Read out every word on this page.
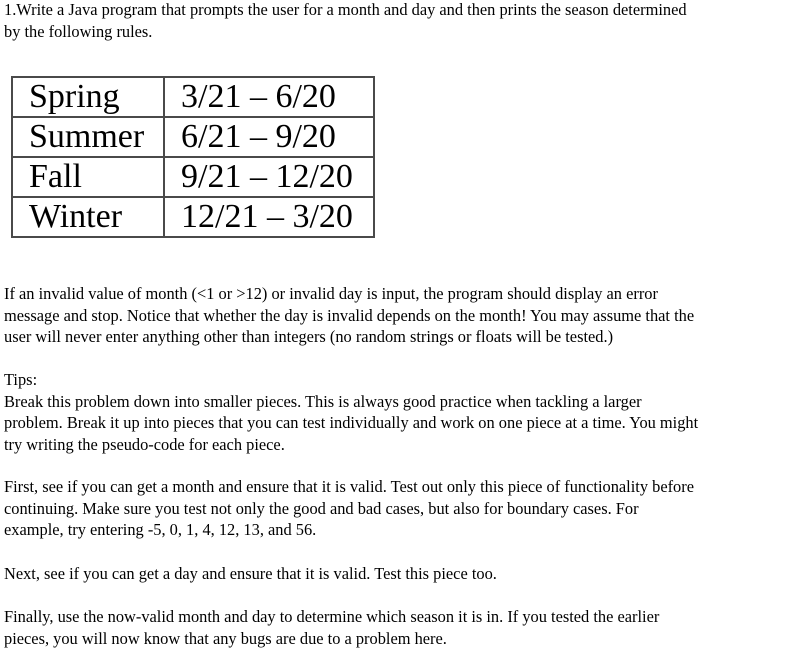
1.Write a Java program that prompts the user for a month and day and then prints the season determined
by the following rules.

Spring	3/21 – 6/20
Summer	6/21 – 9/20
Fall	9/21 – 12/20
Winter	12/21 – 3/20

If an invalid value of month (<1 or >12) or invalid day is input, the program should display an error
message and stop. Notice that whether the day is invalid depends on the month! You may assume that the
user will never enter anything other than integers (no random strings or floats will be tested.)

Tips:
Break this problem down into smaller pieces. This is always good practice when tackling a larger
problem. Break it up into pieces that you can test individually and work on one piece at a time. You might
try writing the pseudo-code for each piece.

First, see if you can get a month and ensure that it is valid. Test out only this piece of functionality before
continuing. Make sure you test not only the good and bad cases, but also for boundary cases. For
example, try entering -5, 0, 1, 4, 12, 13, and 56.

Next, see if you can get a day and ensure that it is valid. Test this piece too.

Finally, use the now-valid month and day to determine which season it is in. If you tested the earlier
pieces, you will now know that any bugs are due to a problem here.
